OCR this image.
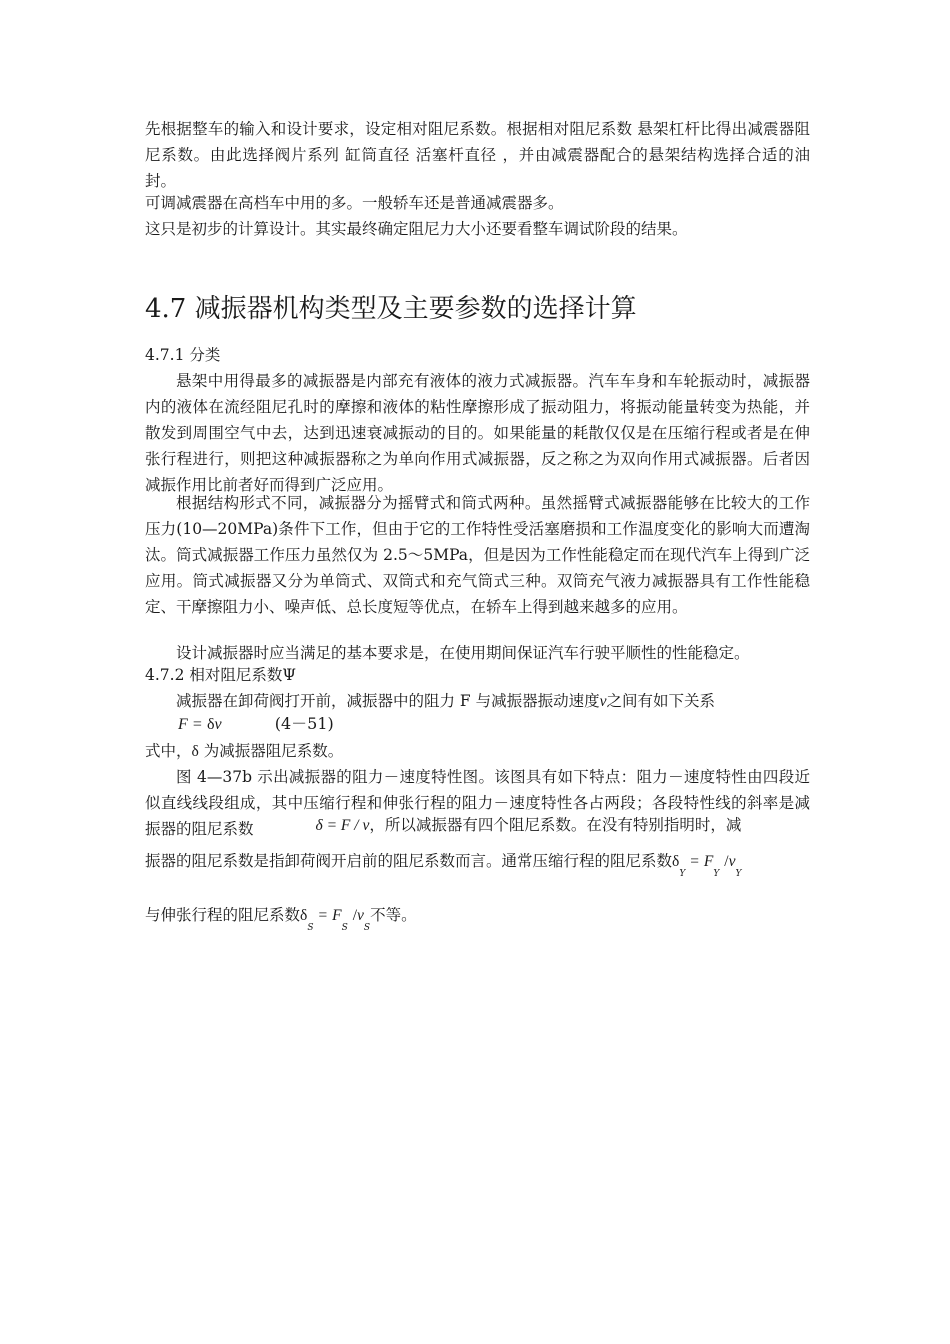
先根据整车的输入和设计要求，设定相对阻尼系数。根据相对阻尼系数 悬架杠杆比得出减震器阻尼系数。由此选择阀片系列 缸筒直径 活塞杆直径 ，并由减震器配合的悬架结构选择合适的油封。

可调减震器在高档车中用的多。一般轿车还是普通减震器多。

这只是初步的计算设计。其实最终确定阻尼力大小还要看整车调试阶段的结果。

4.7 减振器机构类型及主要参数的选择计算
4.7.1 分类

悬架中用得最多的减振器是内部充有液体的液力式减振器。汽车车身和车轮振动时，减振器内的液体在流经阻尼孔时的摩擦和液体的粘性摩擦形成了振动阻力，将振动能量转变为热能，并散发到周围空气中去，达到迅速衰减振动的目的。如果能量的耗散仅仅是在压缩行程或者是在伸张行程进行，则把这种减振器称之为单向作用式减振器，反之称之为双向作用式减振器。后者因减振作用比前者好而得到广泛应用。

根据结构形式不同，减振器分为摇臂式和筒式两种。虽然摇臂式减振器能够在比较大的工作压力(10—20MPa)条件下工作，但由于它的工作特性受活塞磨损和工作温度变化的影响大而遭淘汰。筒式减振器工作压力虽然仅为 2.5～5MPa，但是因为工作性能稳定而在现代汽车上得到广泛应用。筒式减振器又分为单筒式、双筒式和充气筒式三种。双筒充气液力减振器具有工作性能稳定、干摩擦阻力小、噪声低、总长度短等优点，在轿车上得到越来越多的应用。

设计减振器时应当满足的基本要求是，在使用期间保证汽车行驶平顺性的性能稳定。

4.7.2 相对阻尼系数Ψ
减振器在卸荷阀打开前，减振器中的阻力 F 与减振器振动速度v之间有如下关系
F = δv	(4－51)
式中，δ 为减振器阻尼系数。

图 4—37b 示出减振器的阻力－速度特性图。该图具有如下特点：阻力－速度特性由四段近似直线线段组成，其中压缩行程和伸张行程的阻力－速度特性各占两段；各段特性线的斜率是减振器的阻尼系数	δ = F / v，所以减振器有四个阻尼系数。在没有特别指明时，减
振器的阻尼系数是指卸荷阀开启前的阻尼系数而言。通常压缩行程的阻尼系数$\delta_Y = F_Y$ $/v_Y$
与伸张行程的阻尼系数$\delta_S = F_S$ $/v_S$不等。
